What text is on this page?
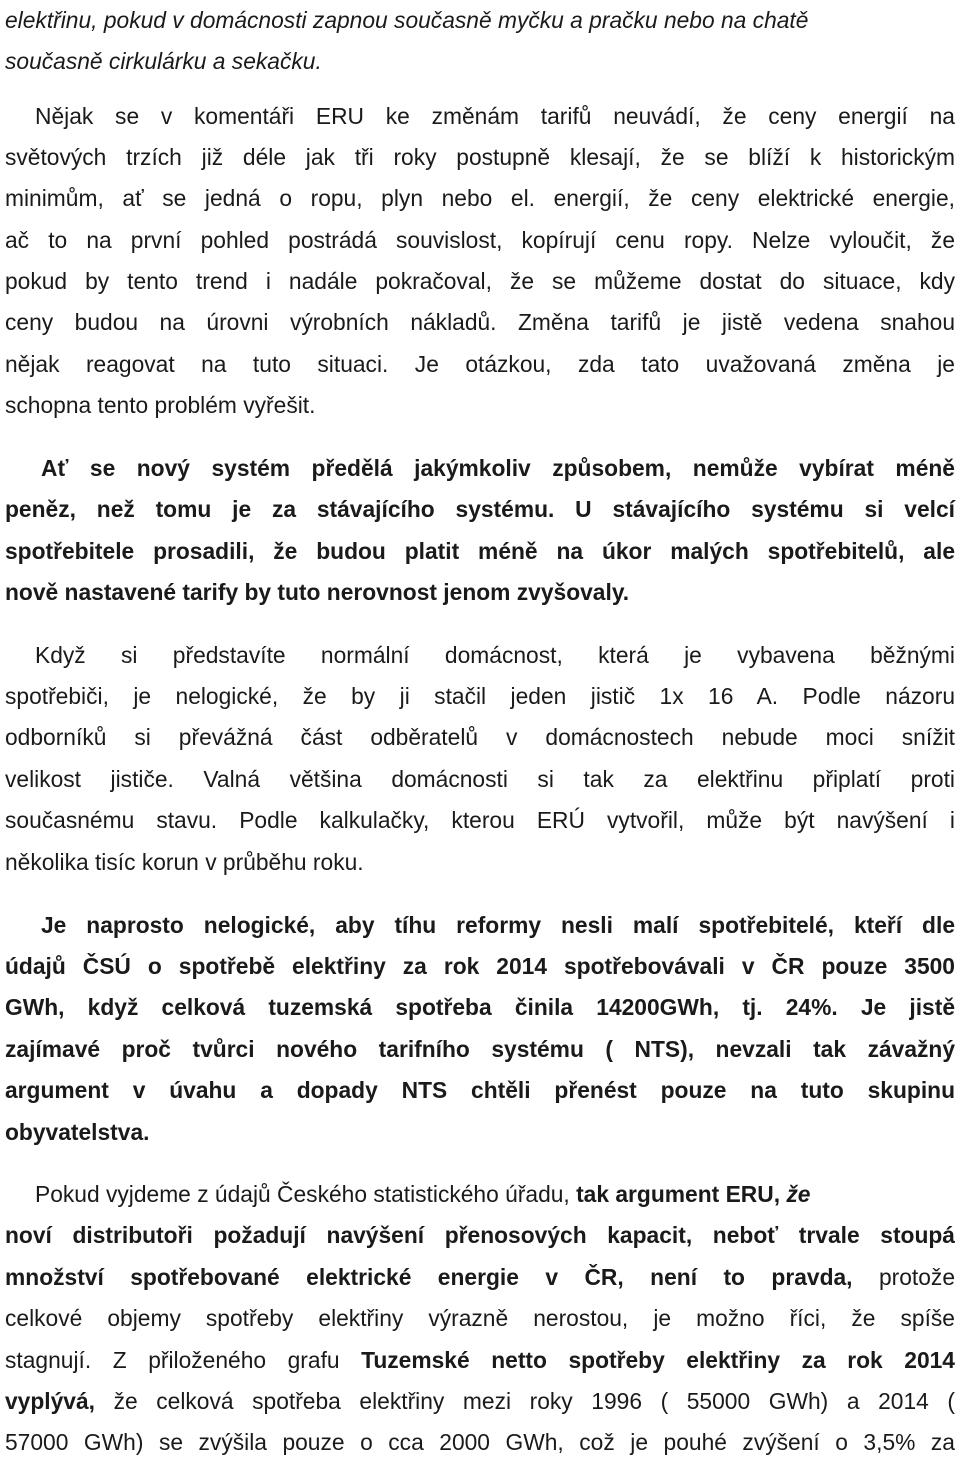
elektřinu, pokud v domácnosti zapnou současně myčku a pračku nebo na chatě
současně cirkulárku a sekačku.
Nějak se v komentáři ERU ke změnám tarifů neuvádí, že ceny energií na
světových trzích již déle jak tři roky postupně klesají, že se blíží k historickým
minimům, ať se jedná o ropu, plyn nebo el. energií, že ceny elektrické energie,
ač to na první pohled postrádá souvislost, kopírují cenu ropy. Nelze vyloučit, že
pokud by tento trend i nadále pokračoval, že se můžeme dostat do situace, kdy
ceny budou na úrovni výrobních nákladů. Změna tarifů je jistě vedena snahou
nějak reagovat na tuto situaci. Je otázkou, zda tato uvažovaná změna je
schopna tento problém vyřešit.
Ať se nový systém předělá jakýmkoliv způsobem, nemůže vybírat méně
peněz, než tomu je za stávajícího systému. U stávajícího systému si velcí
spotřebitele prosadili, že budou platit méně na úkor malých spotřebitelů, ale
nově nastavené tarify by tuto nerovnost jenom zvyšovaly.
Když si představíte normální domácnost, která je vybavena běžnými
spotřebiči, je nelogické, že by ji stačil jeden jistič 1x 16 A. Podle názoru
odborníků si převážná část odběratelů v domácnostech nebude moci snížit
velikost jističe. Valná většina domácnosti si tak za elektřinu připlatí proti
současnému stavu. Podle kalkulačky, kterou ERÚ vytvořil, může být navýšení i
několika tisíc korun v průběhu roku.
Je naprosto nelogické, aby tíhu reformy nesli malí spotřebitelé, kteří dle
údajů ČSÚ o spotřebě elektřiny za rok 2014 spotřebovávali v ČR pouze 3500
GWh, když celková tuzemská spotřeba činila 14200GWh, tj. 24%. Je jistě
zajímavé proč tvůrci nového tarifního systému ( NTS), nevzali tak závažný
argument v úvahu a dopady NTS chtěli přenést pouze na tuto skupinu
obyvatelstva.
Pokud vyjdeme z údajů Českého statistického úřadu, tak argument ERU, že
noví distributoři požadují navýšení přenosových kapacit, neboť trvale stoupá
množství spotřebované elektrické energie v ČR, není to pravda, protože
celkové objemy spotřeby elektřiny výrazně nerostou, je možno říci, že spíše
stagnují. Z přiloženého grafu Tuzemské netto spotřeby elektřiny za rok 2014
vyplývá, že celková spotřeba elektřiny mezi roky 1996 ( 55000 GWh) a 2014 (
57000 GWh) se zvýšila pouze o cca 2000 GWh, což je pouhé zvýšení o 3,5% za
